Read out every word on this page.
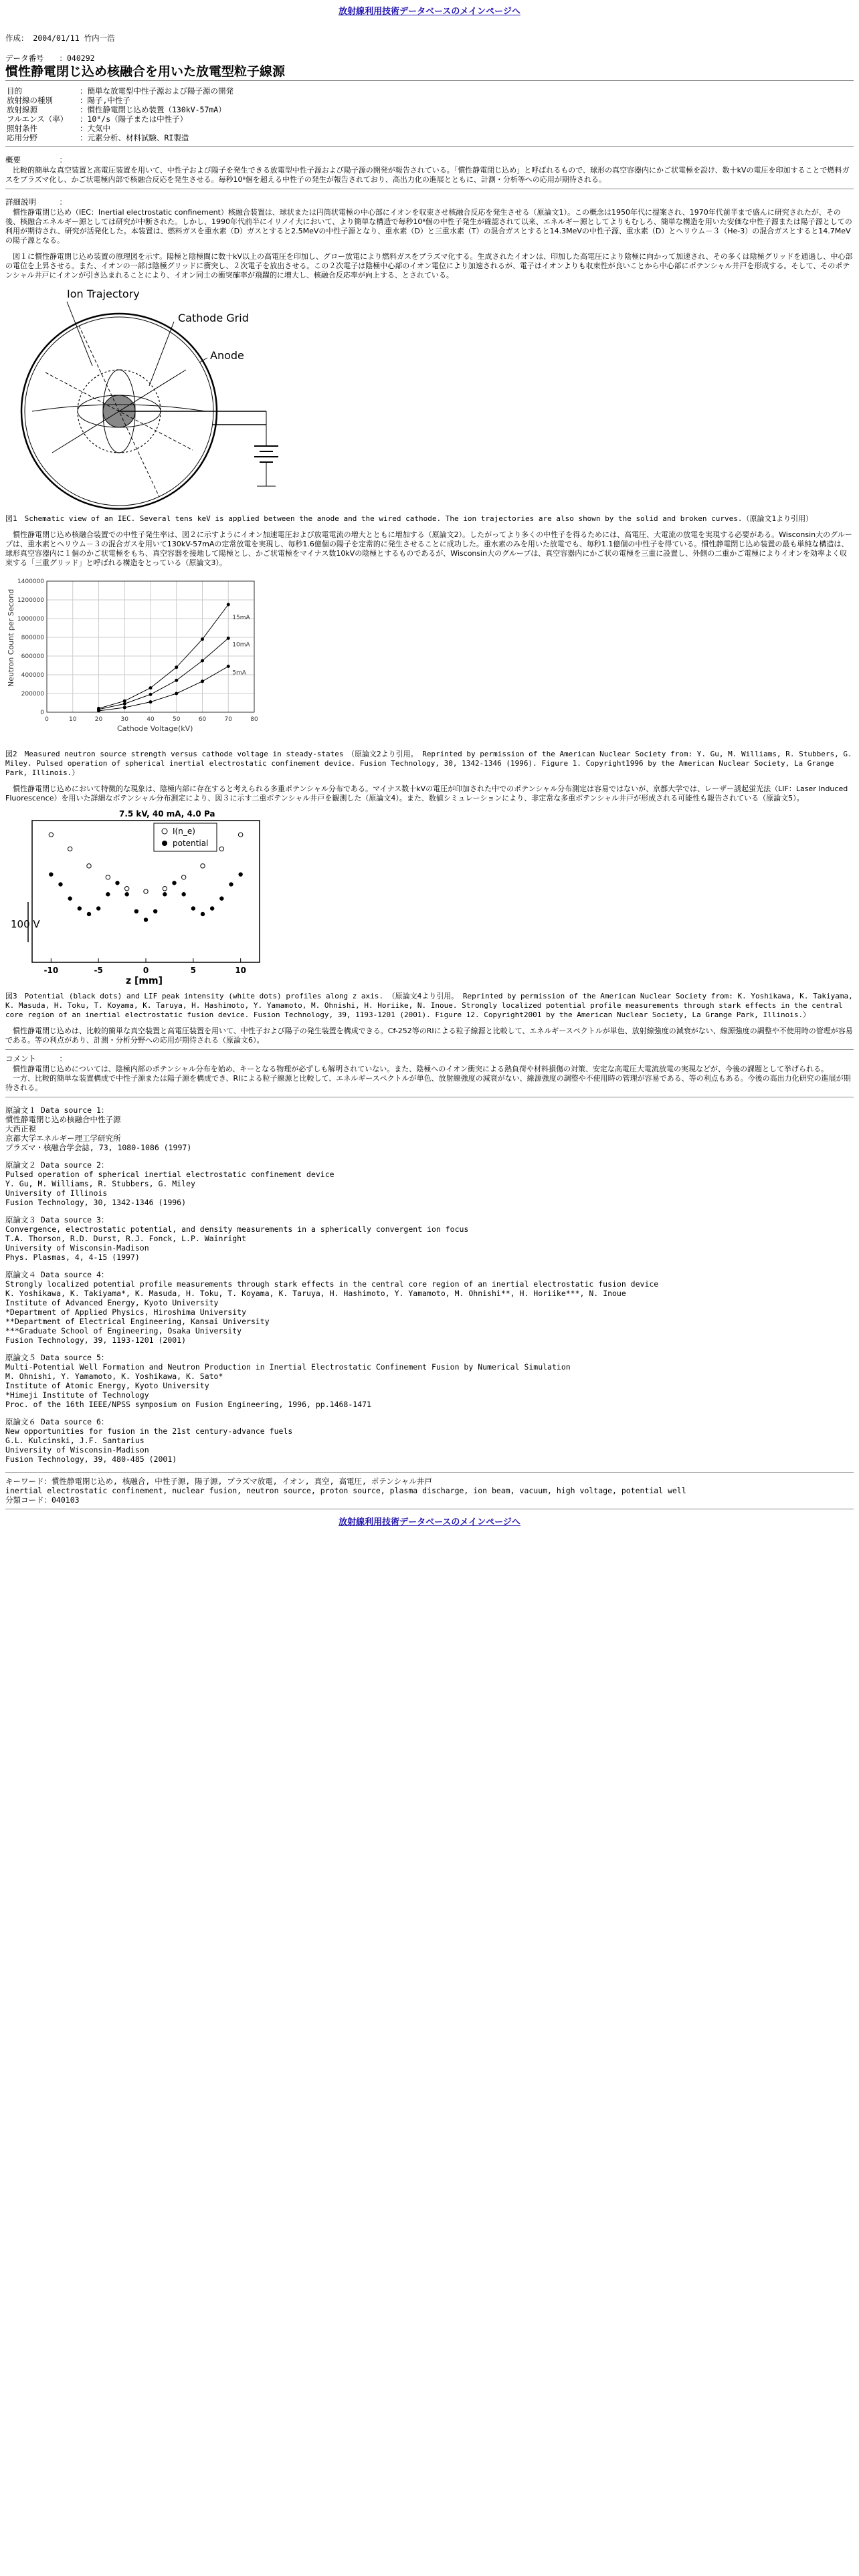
放射線利用技術データベースのメインページへ
作成： 2004/01/11 竹内一浩
データ番号　　：040292
慣性静電閉じ込め核融合を用いた放電型粒子線源
目的	：簡単な放電型中性子源および陽子源の開発
放射線の種別	：陽子,中性子
放射線源	：慣性静電閉じ込め装置（130kV-57mA）
フルエンス（率）	：10⁸/s（陽子または中性子）
照射条件	：大気中
応用分野	：元素分析、材料試験、RI製造
概要　　　　　：

比較的簡単な真空装置と高電圧装置を用いて、中性子および陽子を発生できる放電型中性子源および陽子源の開発が報告されている。「慣性静電閉じ込め」と呼ばれるもので、球形の真空容器内にかご状電極を設け、数十kVの電圧を印加することで燃料ガスをプラズマ化し、かご状電極内部で核融合反応を発生させる。毎秒10⁸個を超える中性子の発生が報告されており、高出力化の進展とともに、計測・分析等への応用が期待される。

詳細説明　　　：

慣性静電閉じ込め（IEC：Inertial electrostatic confinement）核融合装置は、球状または円筒状電極の中心部にイオンを収束させ核融合反応を発生させる（原論文1）。この概念は1950年代に提案され、1970年代前半まで盛んに研究されたが、その後、核融合エネルギー源としては研究が中断された。しかし、1990年代前半にイリノイ大において、より簡単な構造で毎秒10⁸個の中性子発生が確認されて以来、エネルギー源としてよりもむしろ、簡単な構造を用いた安価な中性子源または陽子源としての利用が期待され、研究が活発化した。本装置は、燃料ガスを重水素（D）ガスとすると2.5MeVの中性子源となり、重水素（D）と三重水素（T）の混合ガスとすると14.3MeVの中性子源、重水素（D）とヘリウム－３（He-3）の混合ガスとすると14.7MeVの陽子源となる。

図１に慣性静電閉じ込め装置の原理図を示す。陽極と陰極間に数十kV以上の高電圧を印加し、グロー放電により燃料ガスをプラズマ化する。生成されたイオンは、印加した高電圧により陰極に向かって加速され、その多くは陰極グリッドを通過し、中心部の電位を上昇させる。また、イオンの一部は陰極グリッドに衝突し、２次電子を放出させる。この２次電子は陰極中心部のイオン電位により加速されるが、電子はイオンよりも収束性が良いことから中心部にポテンシャル井戸を形成する。そして、そのポテンシャル井戸にイオンが引き込まれることにより、イオン同士の衝突確率が飛躍的に増大し、核融合反応率が向上する、とされている。

Ion Trajectory
Cathode Grid
Anode
図1　Schematic view of an IEC. Several tens keV is applied between the anode and the wired cathode. The ion trajectories are also shown by the solid and broken curves.（原論文1より引用）

慣性静電閉じ込め核融合装置での中性子発生率は、図２に示すようにイオン加速電圧および放電電流の増大とともに増加する（原論文2）。したがってより多くの中性子を得るためには、高電圧、大電流の放電を実現する必要がある。Wisconsin大のグループは、重水素とヘリウム－３の混合ガスを用いて130kV-57mAの定常放電を実現し、毎秒1.6億個の陽子を定常的に発生させることに成功した。重水素のみを用いた放電でも、毎秒1.1億個の中性子を得ている。慣性静電閉じ込め装置の最も単純な構造は、球形真空容器内に１個のかご状電極をもち、真空容器を接地して陽極とし、かご状電極をマイナス数10kVの陰極とするものであるが、Wisconsin大のグループは、真空容器内にかご状の電極を三重に設置し、外側の二重かご電極によりイオンを効率よく収束する「三重グリッド」と呼ばれる構造をとっている（原論文3）。

0
200000
400000
600000
800000
1000000
1200000
1400000
0	10	20	30	40	50	60	70	80
15mA
10mA
5mA
Neutron Count per Second
Cathode Voltage(kV)
図2　Measured neutron source strength versus cathode voltage in steady-states　（原論文2より引用。 Reprinted by permission of the American Nuclear Society from: Y. Gu, M. Williams, R. Stubbers, G. Miley. Pulsed operation of spherical inertial electrostatic confinement device. Fusion Technology, 30, 1342-1346 (1996). Figure 1. Copyright1996 by the American Nuclear Society, La Grange Park, Illinois.）

慣性静電閉じ込めにおいて特徴的な現象は、陰極内部に存在すると考えられる多重ポテンシャル分布である。マイナス数十kVの電圧が印加された中でのポテンシャル分布測定は容易ではないが、京都大学では、レーザー誘起蛍光法（LIF：Laser Induced Fluorescence）を用いた詳細なポテンシャル分布測定により、図３に示す二重ポテンシャル井戸を観測した（原論文4）。また、数値シミュレーションにより、非定常な多重ポテンシャル井戸が形成される可能性も報告されている（原論文5）。

-10	-5	0	5	10
7.5 kV, 40 mA, 4.0 Pa
100 V
I(n_e)
potential
z [mm]
図3　Potential (black dots) and LIF peak intensity (white dots) profiles along z axis. （原論文4より引用。 Reprinted by permission of the American Nuclear Society from: K. Yoshikawa, K. Takiyama, K. Masuda, H. Toku, T. Koyama, K. Taruya, H. Hashimoto, Y. Yamamoto, M. Ohnishi, H. Horiike, N. Inoue. Strongly localized potential profile measurements through stark effects in the central core region of an inertial electrostatic fusion device. Fusion Technology, 39, 1193-1201 (2001). Figure 12. Copyright2001 by the American Nuclear Society, La Grange Park, Illinois.）

慣性静電閉じ込めは、比較的簡単な真空装置と高電圧装置を用いて、中性子および陽子の発生装置を構成できる。Cf-252等のRIによる粒子線源と比較して、エネルギースペクトルが単色、放射線強度の減衰がない、線源強度の調整や不使用時の管理が容易である。等の利点があり、計測・分析分野への応用が期待される（原論文6）。

コメント　　　：

慣性静電閉じ込めについては、陰極内部のポテンシャル分布を始め、キーとなる物理が必ずしも解明されていない。また、陰極へのイオン衝突による熱負荷や材料損傷の対策、安定な高電圧大電流放電の実現などが、今後の課題として挙げられる。

一方、比較的簡単な装置構成で中性子源または陽子源を構成でき、RIによる粒子線源と比較して、エネルギースペクトルが単色、放射線強度の減衰がない、線源強度の調整や不使用時の管理が容易である、等の利点もある。今後の高出力化研究の進展が期待される。

原論文１ Data source 1：
慣性静電閉じ込め核融合中性子源
大西正視
京都大学エネルギー理工学研究所
プラズマ・核融合学会誌, 73, 1080-1086 (1997)
原論文２ Data source 2：
Pulsed operation of spherical inertial electrostatic confinement device
Y. Gu, M. Williams, R. Stubbers, G. Miley
University of Illinois
Fusion Technology, 30, 1342-1346 (1996)
原論文３ Data source 3：
Convergence, electrostatic potential, and density measurements in a spherically convergent ion focus
T.A. Thorson, R.D. Durst, R.J. Fonck, L.P. Wainright
University of Wisconsin-Madison
Phys. Plasmas, 4, 4-15 (1997)
原論文４ Data source 4：
Strongly localized potential profile measurements through stark effects in the central core region of an inertial electrostatic fusion device
K. Yoshikawa, K. Takiyama*, K. Masuda, H. Toku, T. Koyama, K. Taruya, H. Hashimoto, Y. Yamamoto, M. Ohnishi**, H. Horiike***, N. Inoue
Institute of Advanced Energy, Kyoto University
*Department of Applied Physics, Hiroshima University
**Department of Electrical Engineering, Kansai University
***Graduate School of Engineering, Osaka University
Fusion Technology, 39, 1193-1201 (2001)
原論文５ Data source 5：
Multi-Potential Well Formation and Neutron Production in Inertial Electrostatic Confinement Fusion by Numerical Simulation
M. Ohnishi, Y. Yamamoto, K. Yoshikawa, K. Sato*
Institute of Atomic Energy, Kyoto University
*Himeji Institute of Technology
Proc. of the 16th IEEE/NPSS symposium on Fusion Engineering, 1996, pp.1468-1471
原論文６ Data source 6：
New opportunities for fusion in the 21st century-advance fuels
G.L. Kulcinski, J.F. Santarius
University of Wisconsin-Madison
Fusion Technology, 39, 480-485 (2001)
キーワード：慣性静電閉じ込め, 核融合, 中性子源, 陽子源, プラズマ放電, イオン, 真空, 高電圧, ポテンシャル井戸
inertial electrostatic confinement, nuclear fusion, neutron source, proton source, plasma discharge, ion beam, vacuum, high voltage, potential well
分類コード：040103
放射線利用技術データベースのメインページへ
